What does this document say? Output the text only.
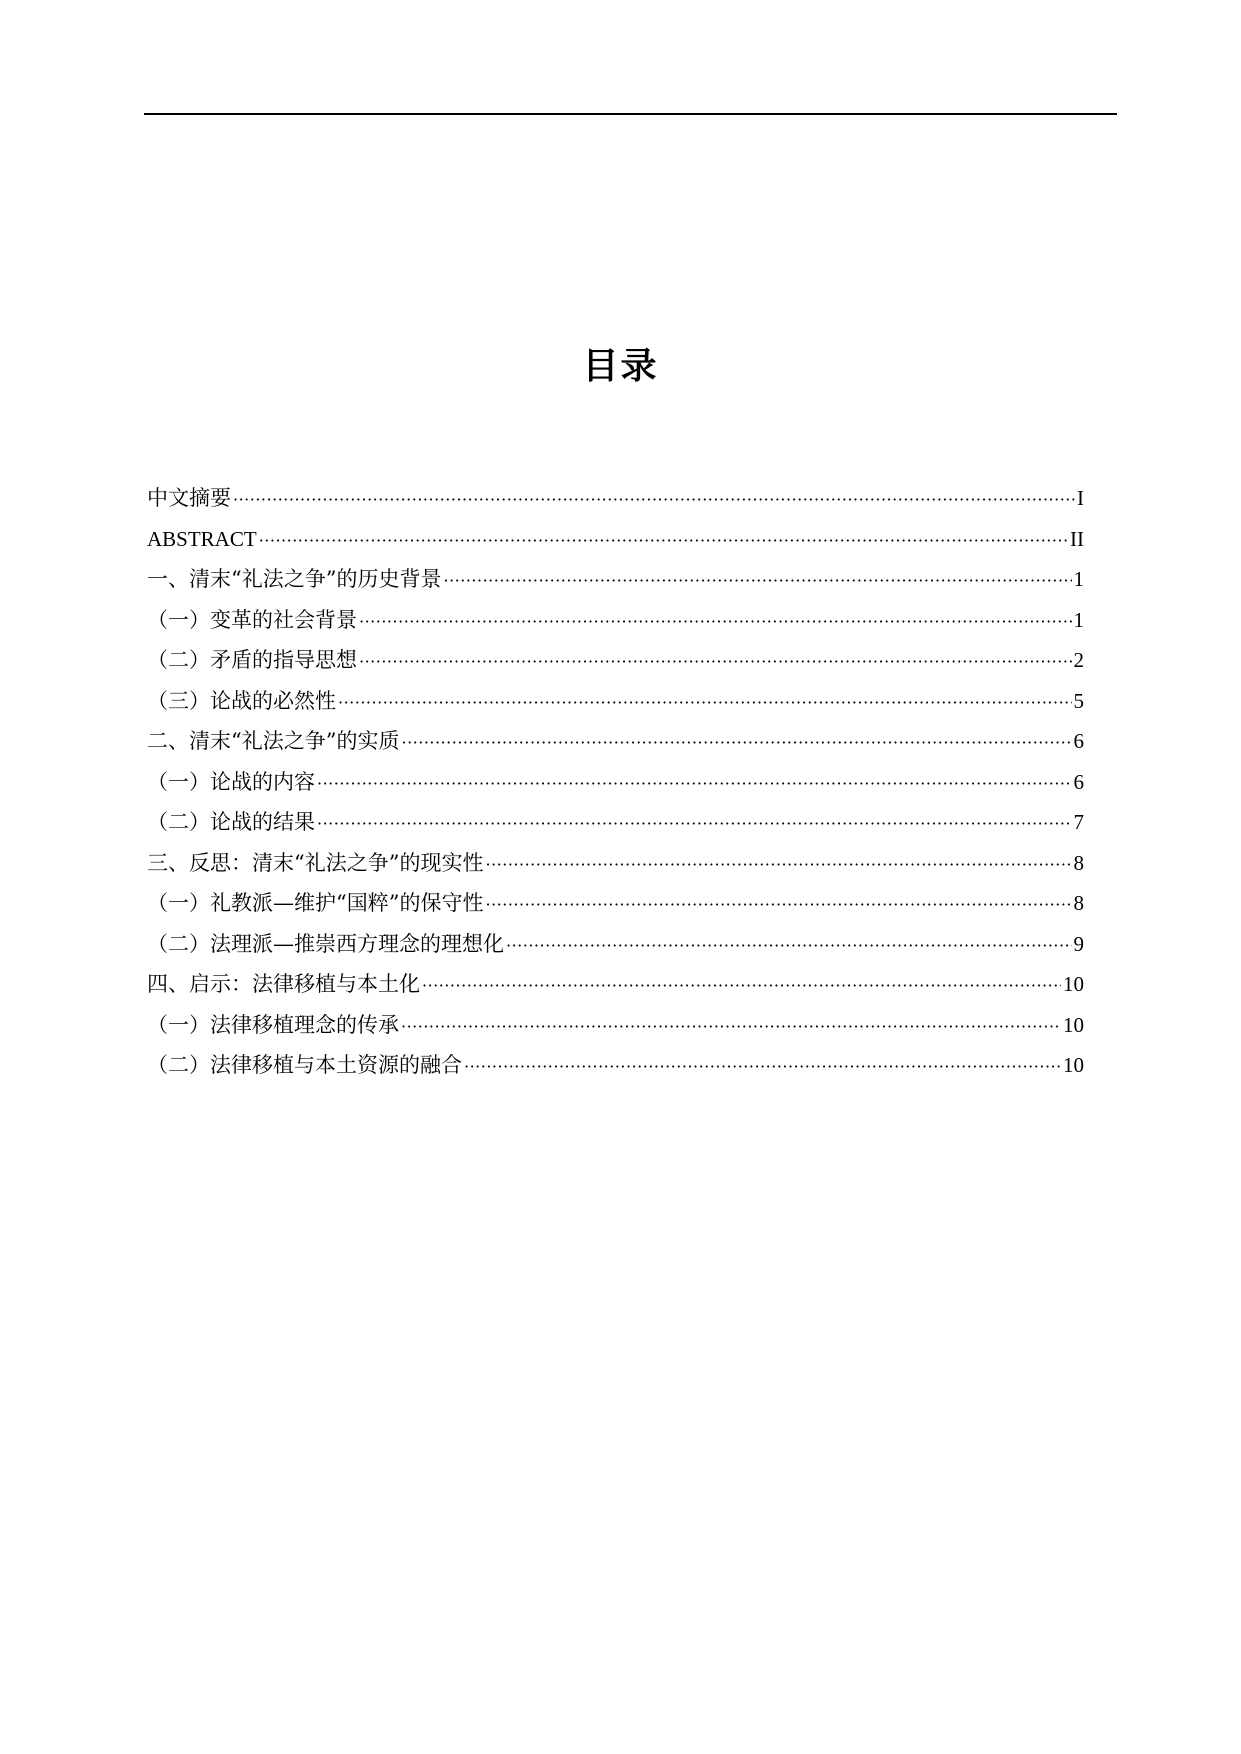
目录
中文摘要 ·····	I
ABSTRACT ·····	II
一、清末“礼法之争”的历史背景 ·····	1
（一）变革的社会背景 ·····	1
（二）矛盾的指导思想 ·····	2
（三）论战的必然性 ·····	5
二、清末“礼法之争”的实质 ·····	6
（一）论战的内容 ·····	6
（二）论战的结果 ·····	7
三、反思：清末“礼法之争”的现实性 ·····	8
（一）礼教派—维护“国粹”的保守性 ·····	8
（二）法理派—推崇西方理念的理想化 ·····	9
四、启示：法律移植与本土化 ·····	10
（一）法律移植理念的传承 ·····	10
（二）法律移植与本土资源的融合 ·····	10
